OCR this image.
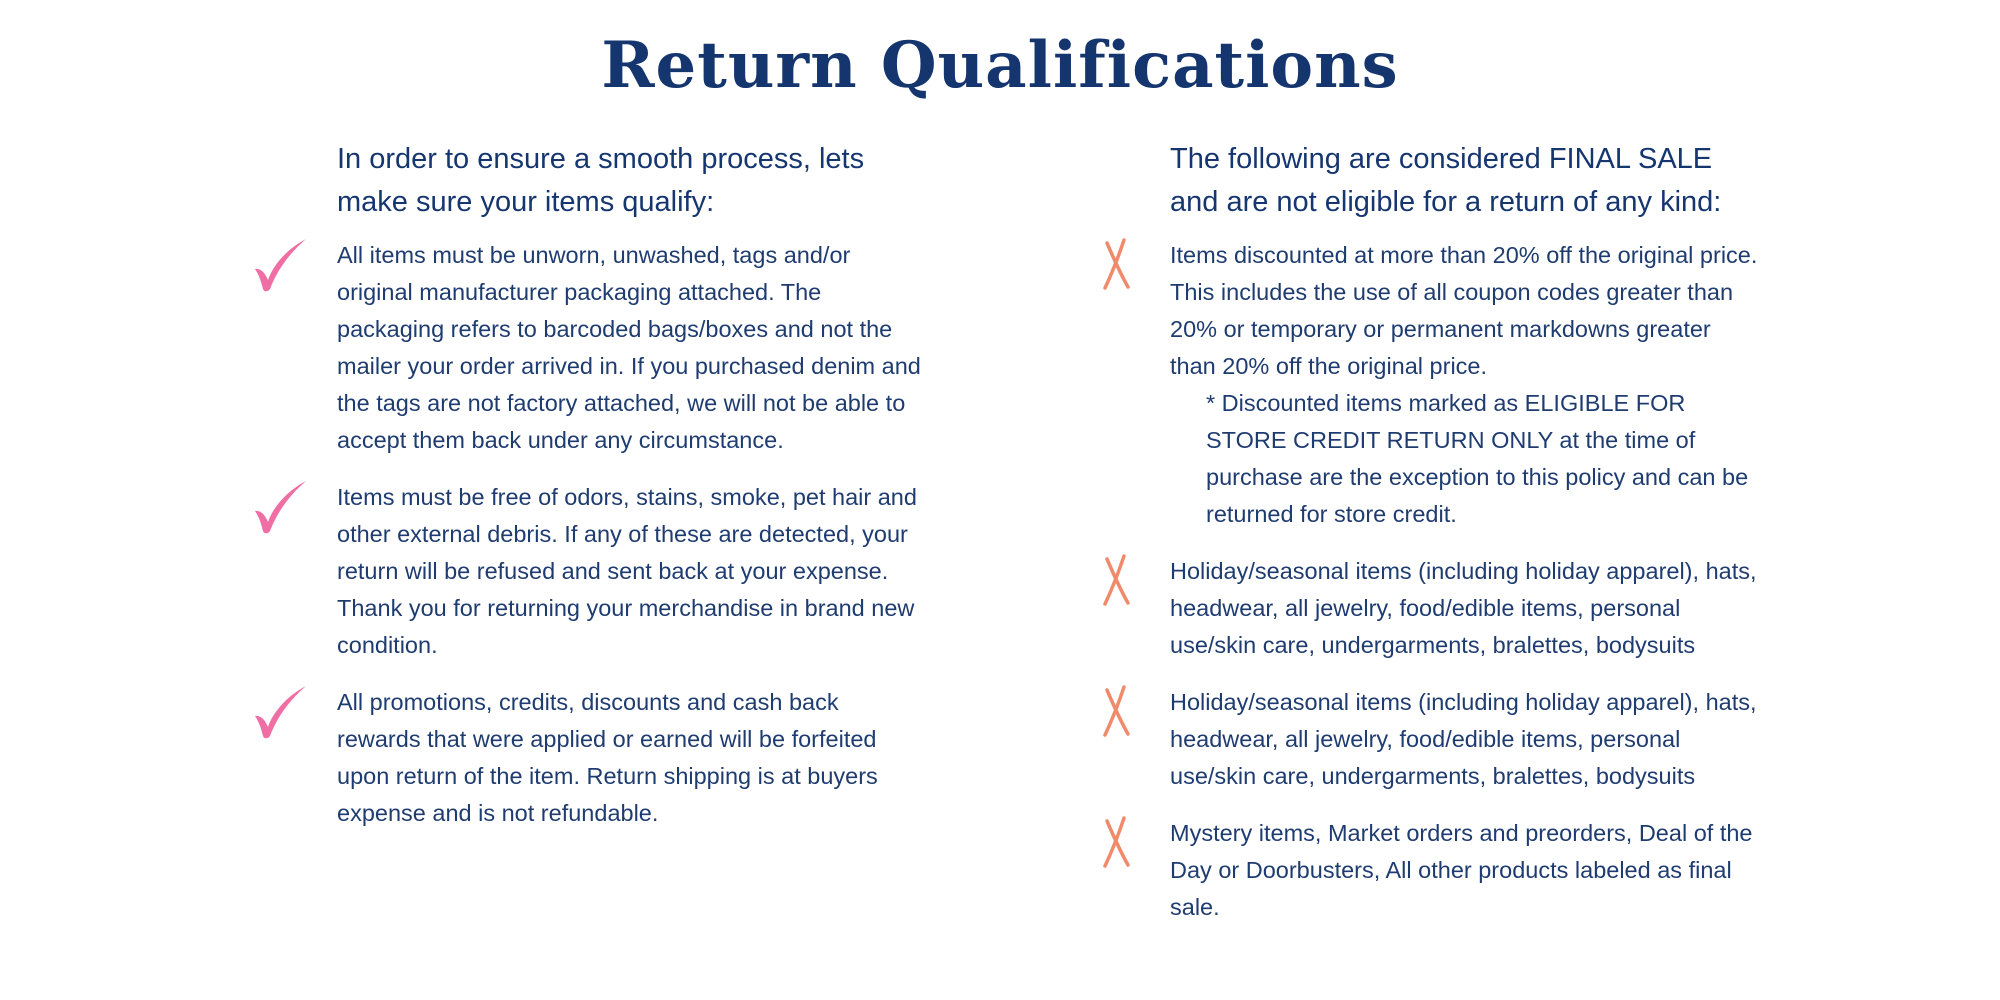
Return Qualifications
In order to ensure a smooth process, lets make sure your items qualify:
All items must be unworn, unwashed, tags and/or original manufacturer packaging attached. The packaging refers to barcoded bags/boxes and not the mailer your order arrived in. If you purchased denim and the tags are not factory attached, we will not be able to accept them back under any circumstance.
Items must be free of odors, stains, smoke, pet hair and other external debris. If any of these are detected, your return will be refused and sent back at your expense. Thank you for returning your merchandise in brand new condition.
All promotions, credits, discounts and cash back rewards that were applied or earned will be forfeited upon return of the item. Return shipping is at buyers expense and is not refundable.
The following are considered FINAL SALE and are not eligible for a return of any kind:
Items discounted at more than 20% off the original price. This includes the use of all coupon codes greater than 20% or temporary or permanent markdowns greater than 20% off the original price.
* Discounted items marked as ELIGIBLE FOR STORE CREDIT RETURN ONLY at the time of purchase are the exception to this policy and can be returned for store credit.
Holiday/seasonal items (including holiday apparel), hats, headwear, all jewelry, food/edible items, personal use/skin care, undergarments, bralettes, bodysuits
Holiday/seasonal items (including holiday apparel), hats, headwear, all jewelry, food/edible items, personal use/skin care, undergarments, bralettes, bodysuits
Mystery items, Market orders and preorders, Deal of the Day or Doorbusters, All other products labeled as final sale.
